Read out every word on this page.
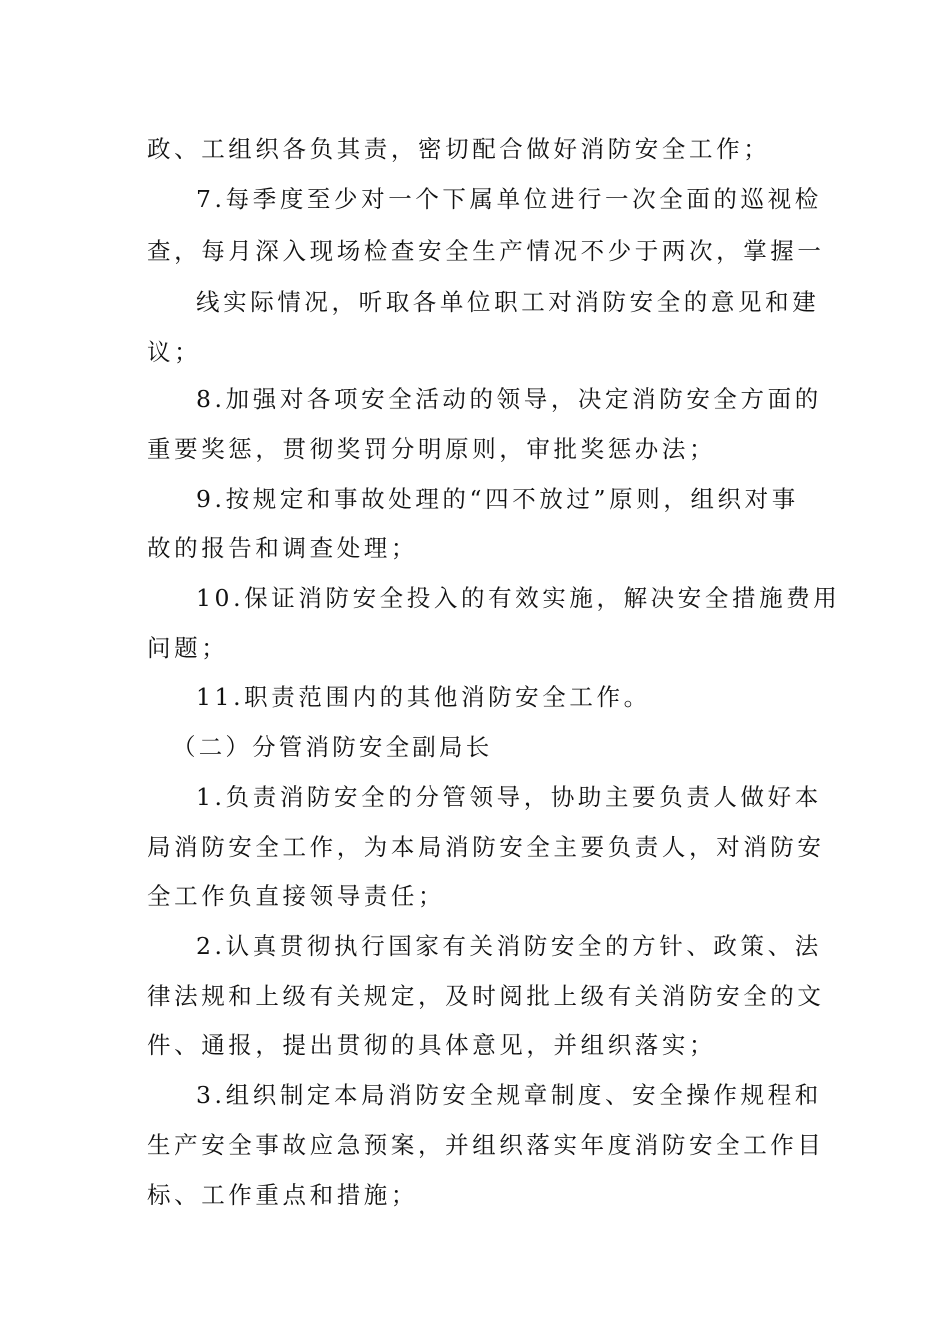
政、工组织各负其责，密切配合做好消防安全工作；
7.每季度至少对一个下属单位进行一次全面的巡视检
查，每月深入现场检查安全生产情况不少于两次，掌握一
线实际情况，听取各单位职工对消防安全的意见和建
议；
8.加强对各项安全活动的领导，决定消防安全方面的
重要奖惩，贯彻奖罚分明原则，审批奖惩办法；
9.按规定和事故处理的“四不放过”原则，组织对事
故的报告和调查处理；
10.保证消防安全投入的有效实施，解决安全措施费用
问题；
11.职责范围内的其他消防安全工作。
（二）分管消防安全副局长
1.负责消防安全的分管领导，协助主要负责人做好本
局消防安全工作，为本局消防安全主要负责人，对消防安
全工作负直接领导责任；
2.认真贯彻执行国家有关消防安全的方针、政策、法
律法规和上级有关规定，及时阅批上级有关消防安全的文
件、通报，提出贯彻的具体意见，并组织落实；
3.组织制定本局消防安全规章制度、安全操作规程和
生产安全事故应急预案，并组织落实年度消防安全工作目
标、工作重点和措施；
